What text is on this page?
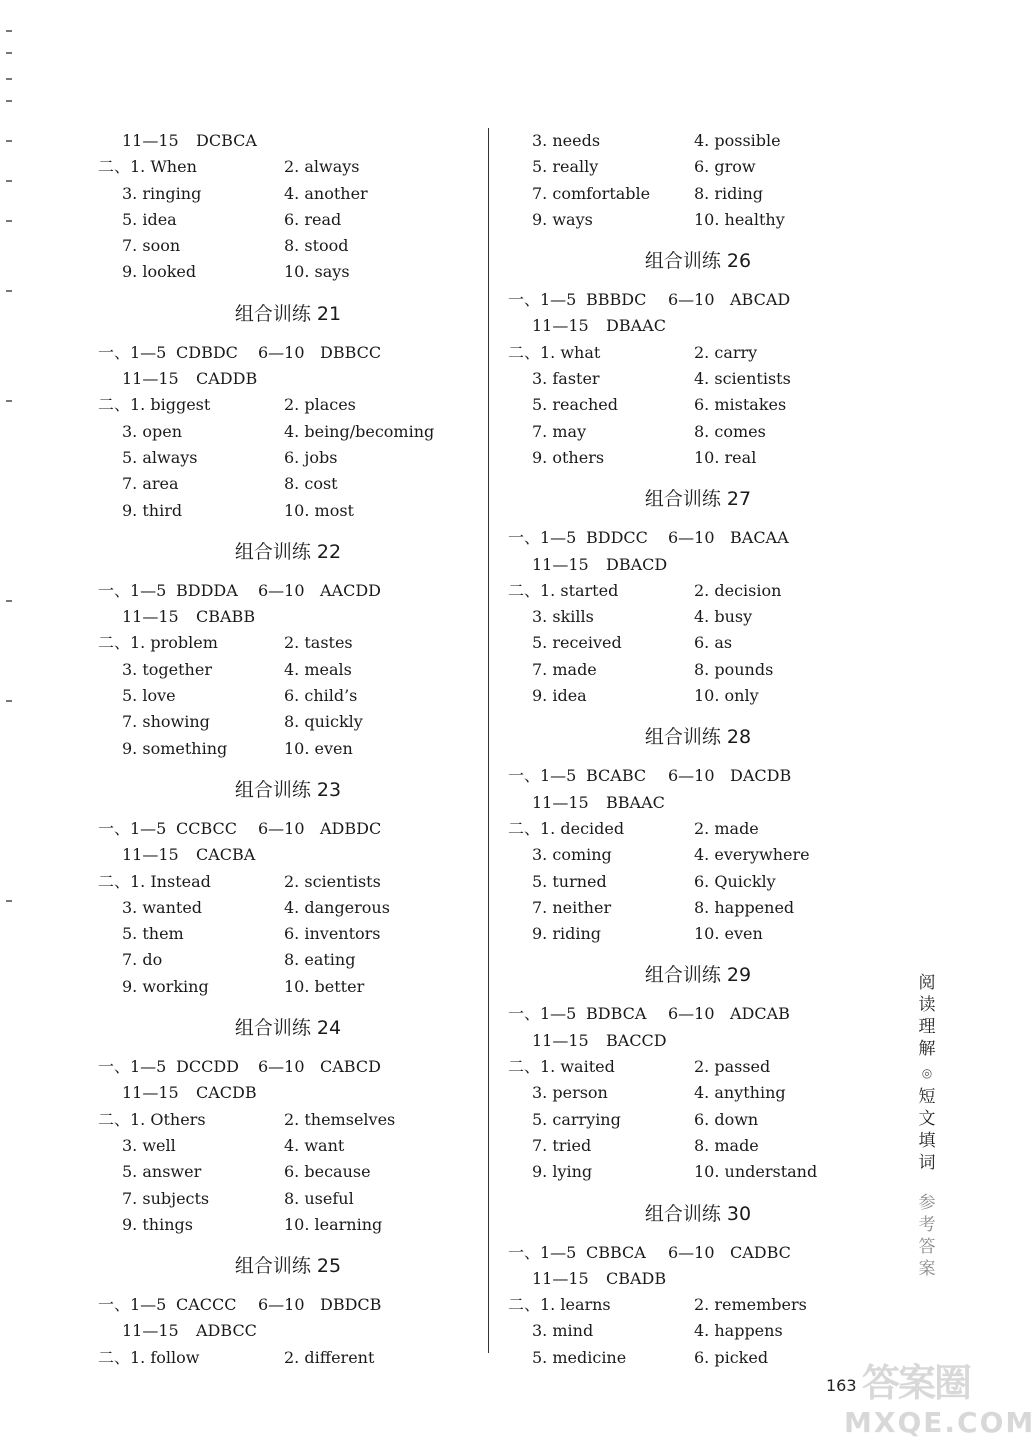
11—15 DCBCA
二、1. When	2. always
3. ringing	4. another
5. idea	6. read
7. soon	8. stood
9. looked	10. says
组合训练 21
一、1—5 CDBDC 6—10 DBBCC
11—15 CADDB
二、1. biggest	2. places
3. open	4. being/becoming
5. always	6. jobs
7. area	8. cost
9. third	10. most
组合训练 22
一、1—5 BDDDA 6—10 AACDD
11—15 CBABB
二、1. problem	2. tastes
3. together	4. meals
5. love	6. child’s
7. showing	8. quickly
9. something	10. even
组合训练 23
一、1—5 CCBCC 6—10 ADBDC
11—15 CACBA
二、1. Instead	2. scientists
3. wanted	4. dangerous
5. them	6. inventors
7. do	8. eating
9. working	10. better
组合训练 24
一、1—5 DCCDD 6—10 CABCD
11—15 CACDB
二、1. Others	2. themselves
3. well	4. want
5. answer	6. because
7. subjects	8. useful
9. things	10. learning
组合训练 25
一、1—5 CACCC 6—10 DBDCB
11—15 ADBCC
二、1. follow	2. different
3. needs	4. possible
5. really	6. grow
7. comfortable	8. riding
9. ways	10. healthy
组合训练 26
一、1—5 BBBDC 6—10 ABCAD
11—15 DBAAC
二、1. what	2. carry
3. faster	4. scientists
5. reached	6. mistakes
7. may	8. comes
9. others	10. real
组合训练 27
一、1—5 BDDCC 6—10 BACAA
11—15 DBACD
二、1. started	2. decision
3. skills	4. busy
5. received	6. as
7. made	8. pounds
9. idea	10. only
组合训练 28
一、1—5 BCABC 6—10 DACDB
11—15 BBAAC
二、1. decided	2. made
3. coming	4. everywhere
5. turned	6. Quickly
7. neither	8. happened
9. riding	10. even
组合训练 29
一、1—5 BDBCA 6—10 ADCAB
11—15 BACCD
二、1. waited	2. passed
3. person	4. anything
5. carrying	6. down
7. tried	8. made
9. lying	10. understand
组合训练 30
一、1—5 CBBCA 6—10 CADBC
11—15 CBADB
二、1. learns	2. remembers
3. mind	4. happens
5. medicine	6. picked
阅
读
理
解
◎
短
文
填
词
参
考
答
案
答案圈
MXQE.COM
163
